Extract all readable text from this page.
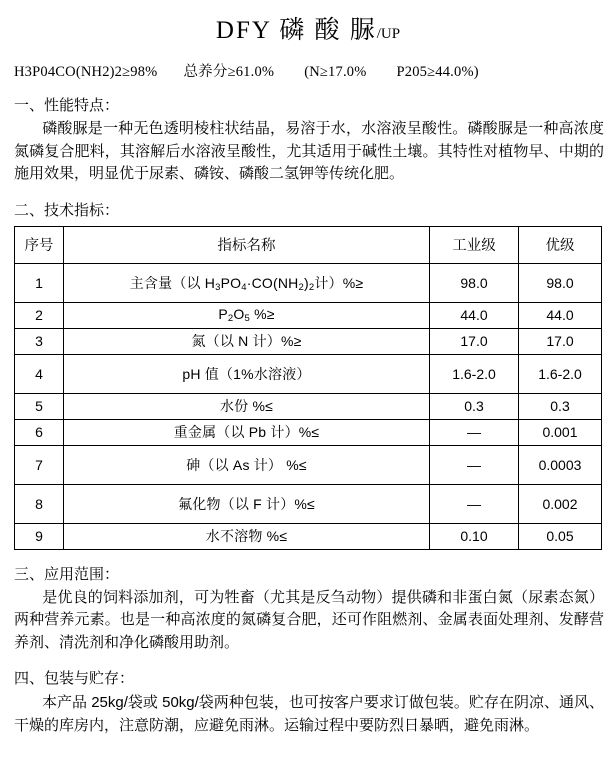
DFY 磷 酸 脲/UP
H3P04CO(NH2)2≥98% 总养分≥61.0% (N≥17.0% P205≥44.0%)
一、性能特点：
磷酸脲是一种无色透明棱柱状结晶，易溶于水，水溶液呈酸性。磷酸脲是一种高浓度氮磷复合肥料，其溶解后水溶液呈酸性，尤其适用于碱性土壤。其特性对植物早、中期的施用效果，明显优于尿素、磷铵、磷酸二氢钾等传统化肥。
二、技术指标：
序号	指标名称	工业级	优级
1	主含量（以 $H_3PO_4\cdot CO(NH_2)_2$计）%≥	98.0	98.0
2	$P_2O_5$ %≥	44.0	44.0
3	氮（以 N 计）%≥	17.0	17.0
4	pH 值（1%水溶液）	1.6-2.0	1.6-2.0
5	水份 %≤	0.3	0.3
6	重金属（以 Pb 计）%≤	—	0.001
7	砷（以 As 计） %≤	—	0.0003
8	氟化物（以 F 计）%≤	—	0.002
9	水不溶物 %≤	0.10	0.05
三、应用范围：
是优良的饲料添加剂，可为牲畜（尤其是反刍动物）提供磷和非蛋白氮（尿素态氮）两种营养元素。也是一种高浓度的氮磷复合肥，还可作阻燃剂、金属表面处理剂、发酵营养剂、清洗剂和净化磷酸用助剂。
四、包装与贮存：
本产品 25kg/袋或 50kg/袋两种包装，也可按客户要求订做包装。贮存在阴凉、通风、干燥的库房内，注意防潮，应避免雨淋。运输过程中要防烈日暴晒，避免雨淋。
